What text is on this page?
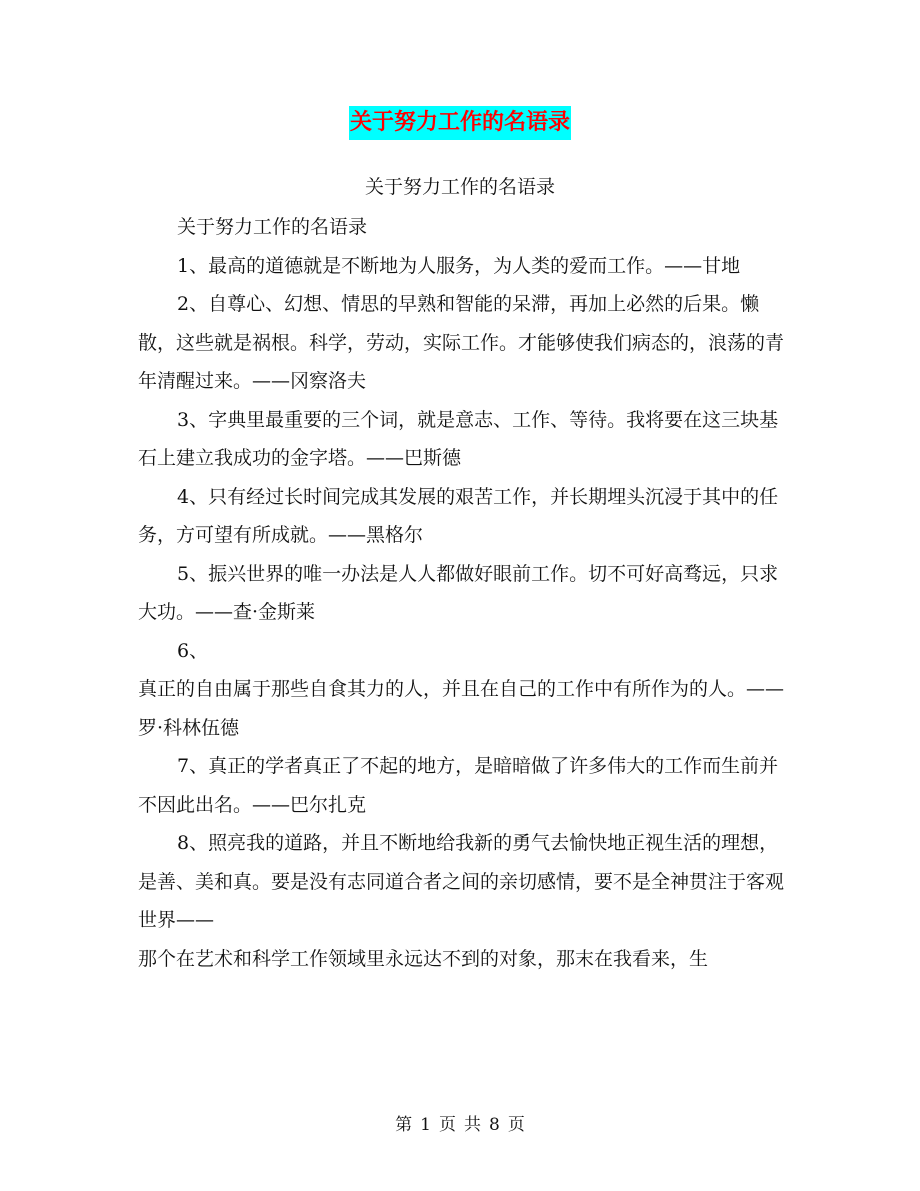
关于努力工作的名语录
关于努力工作的名语录

关于努力工作的名语录

1、最高的道德就是不断地为人服务，为人类的爱而工作。——甘地

2、自尊心、幻想、情思的早熟和智能的呆滞，再加上必然的后果。懒散，这些就是祸根。科学，劳动，实际工作。才能够使我们病态的，浪荡的青年清醒过来。——冈察洛夫

3、字典里最重要的三个词，就是意志、工作、等待。我将要在这三块基石上建立我成功的金字塔。——巴斯德

4、只有经过长时间完成其发展的艰苦工作，并长期埋头沉浸于其中的任务，方可望有所成就。——黑格尔

5、振兴世界的唯一办法是人人都做好眼前工作。切不可好高骛远，只求大功。——查·金斯莱

6、

真正的自由属于那些自食其力的人，并且在自己的工作中有所作为的人。——罗·科林伍德

7、真正的学者真正了不起的地方，是暗暗做了许多伟大的工作而生前并不因此出名。——巴尔扎克

8、照亮我的道路，并且不断地给我新的勇气去愉快地正视生活的理想，是善、美和真。要是没有志同道合者之间的亲切感情，要不是全神贯注于客观世界——

那个在艺术和科学工作领域里永远达不到的对象，那末在我看来，生

第 1 页 共 8 页
